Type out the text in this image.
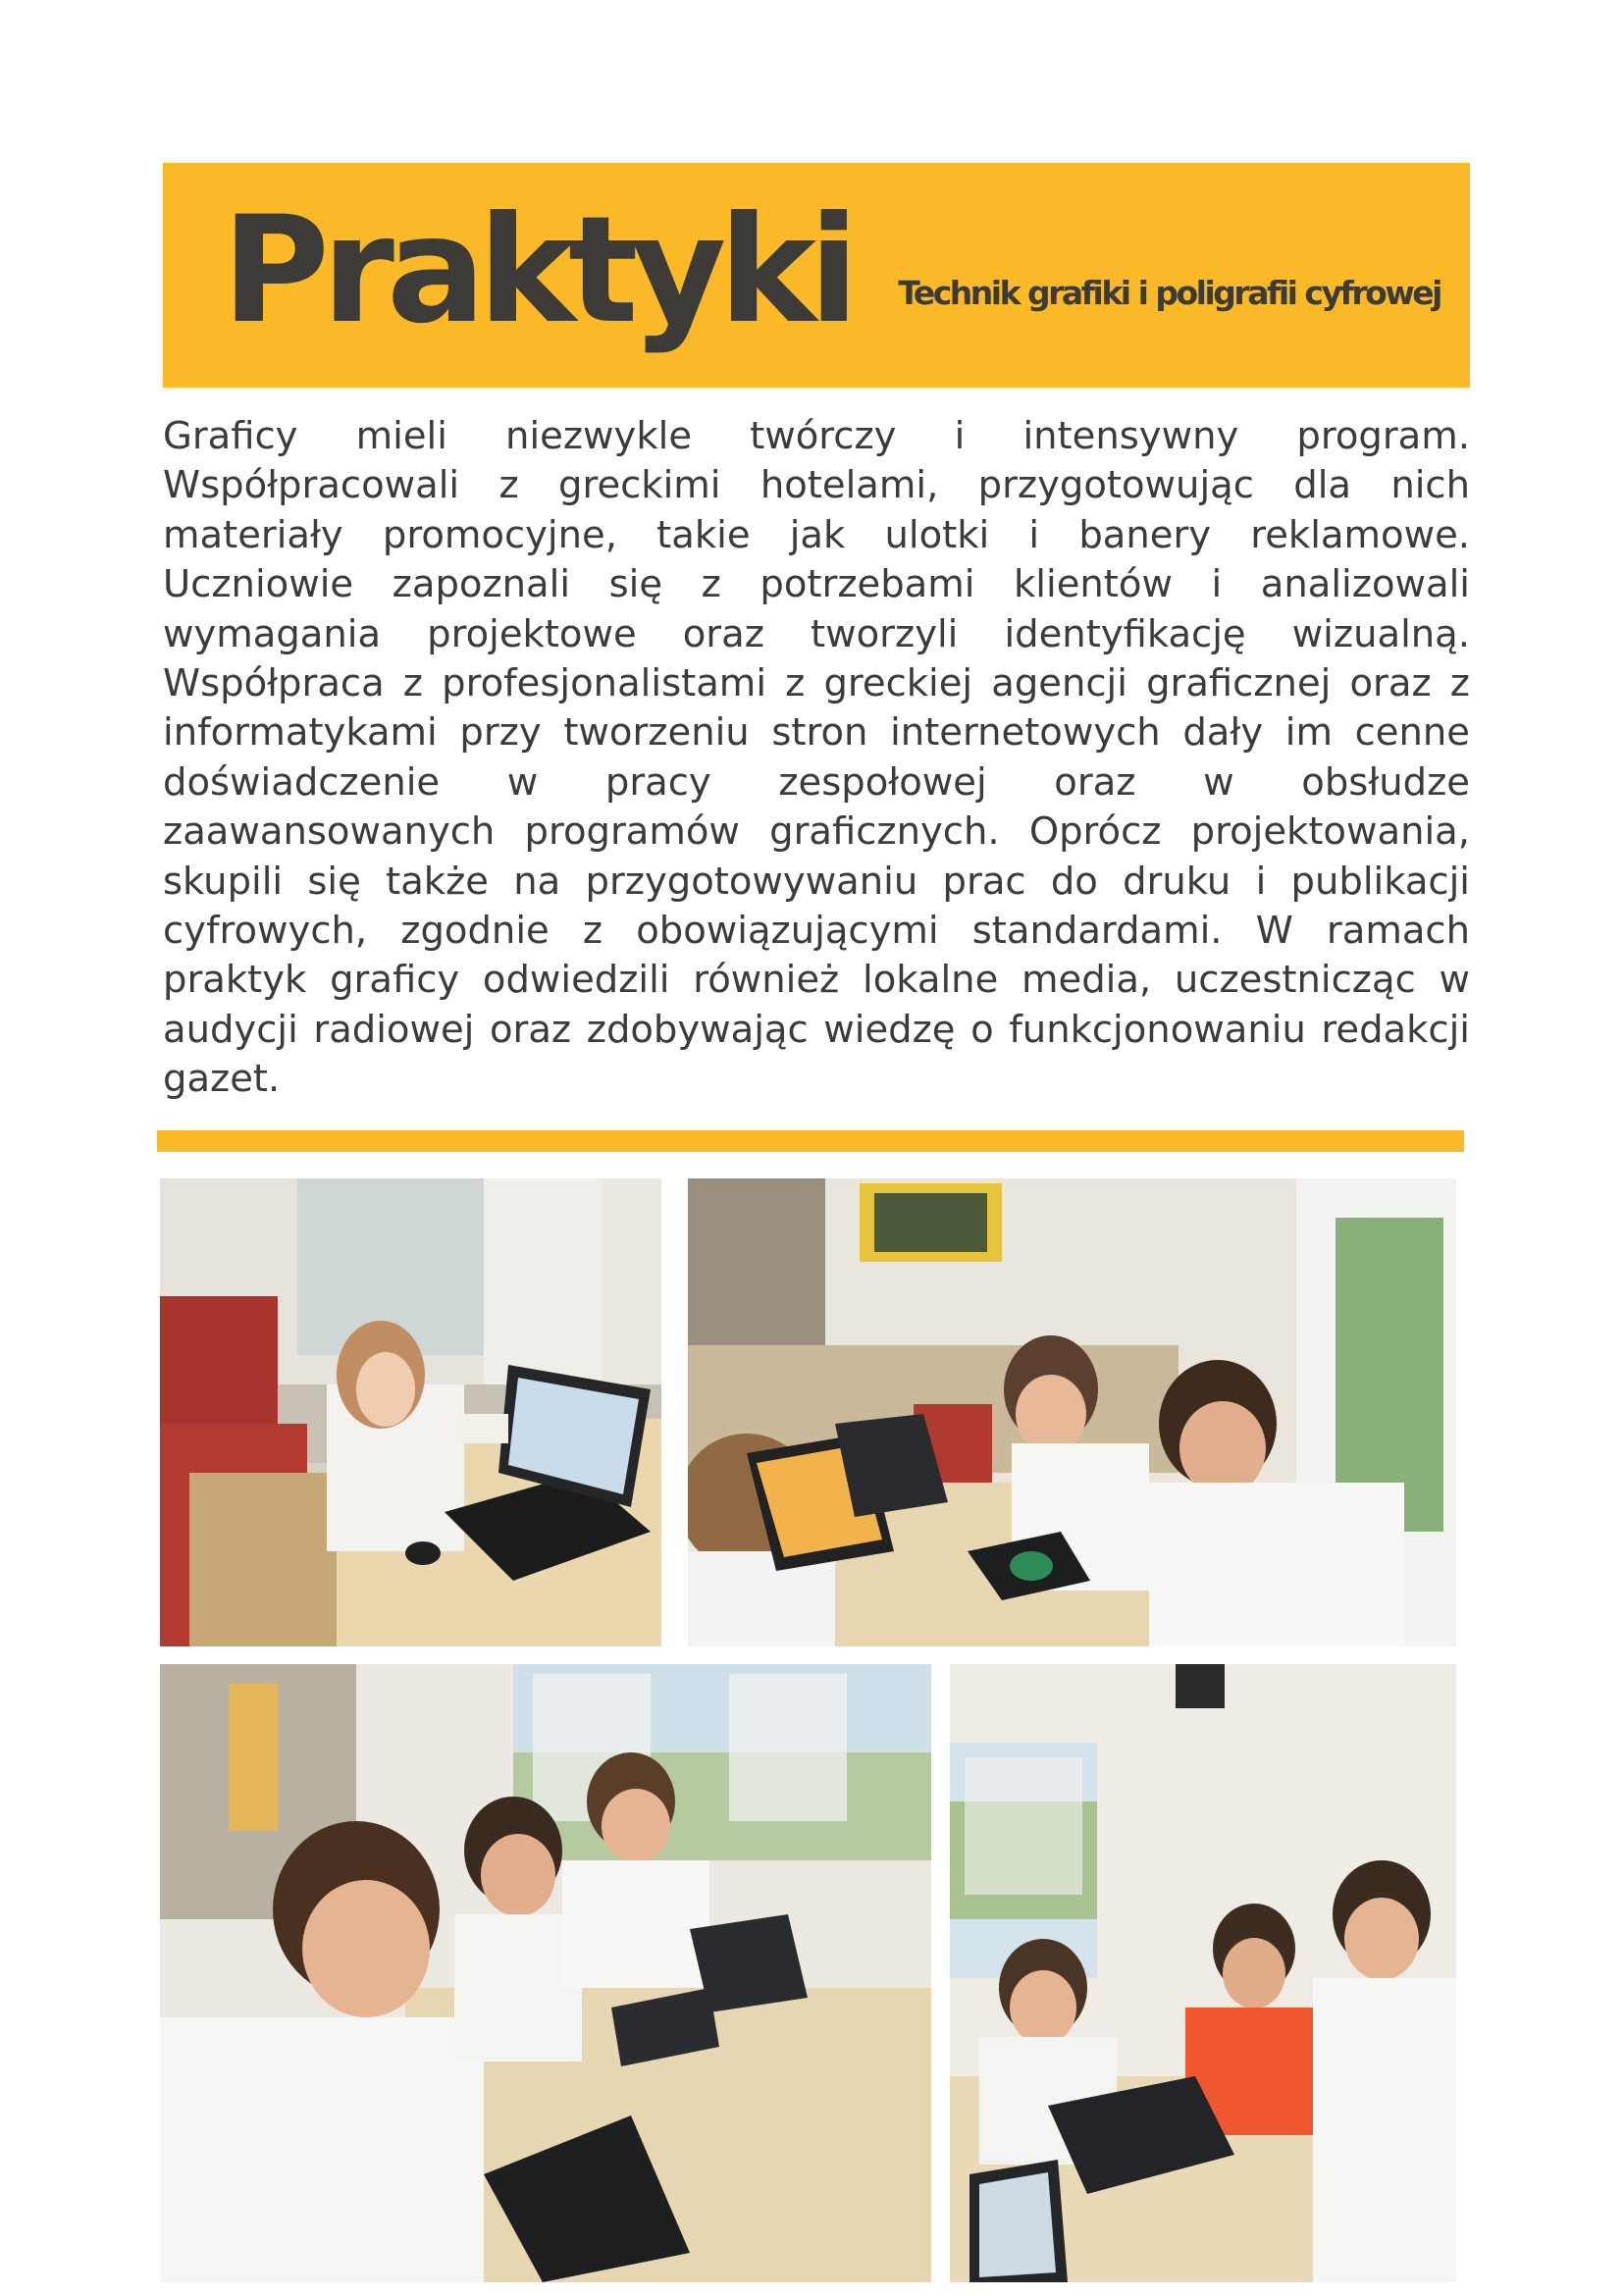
Praktyki Technik grafiki i poligrafii cyfrowej

Graficy mieli niezwykle twórczy i intensywny program. Współpracowali z greckimi hotelami, przygotowując dla nich materiały promocyjne, takie jak ulotki i banery reklamowe. Uczniowie zapoznali się z potrzebami klientów i analizowali wymagania projektowe oraz tworzyli identyfikację wizualną. Współpraca z profesjonalistami z greckiej agencji graficznej oraz z informatykami przy tworzeniu stron internetowych dały im cenne doświadczenie w pracy zespołowej oraz w obsłudze zaawansowanych programów graficznych. Oprócz projektowania, skupili się także na przygotowywaniu prac do druku i publikacji cyfrowych, zgodnie z obowiązującymi standardami. W ramach praktyk graficy odwiedzili również lokalne media, uczestnicząc w audycji radiowej oraz zdobywając wiedzę o funkcjonowaniu redakcji gazet.
